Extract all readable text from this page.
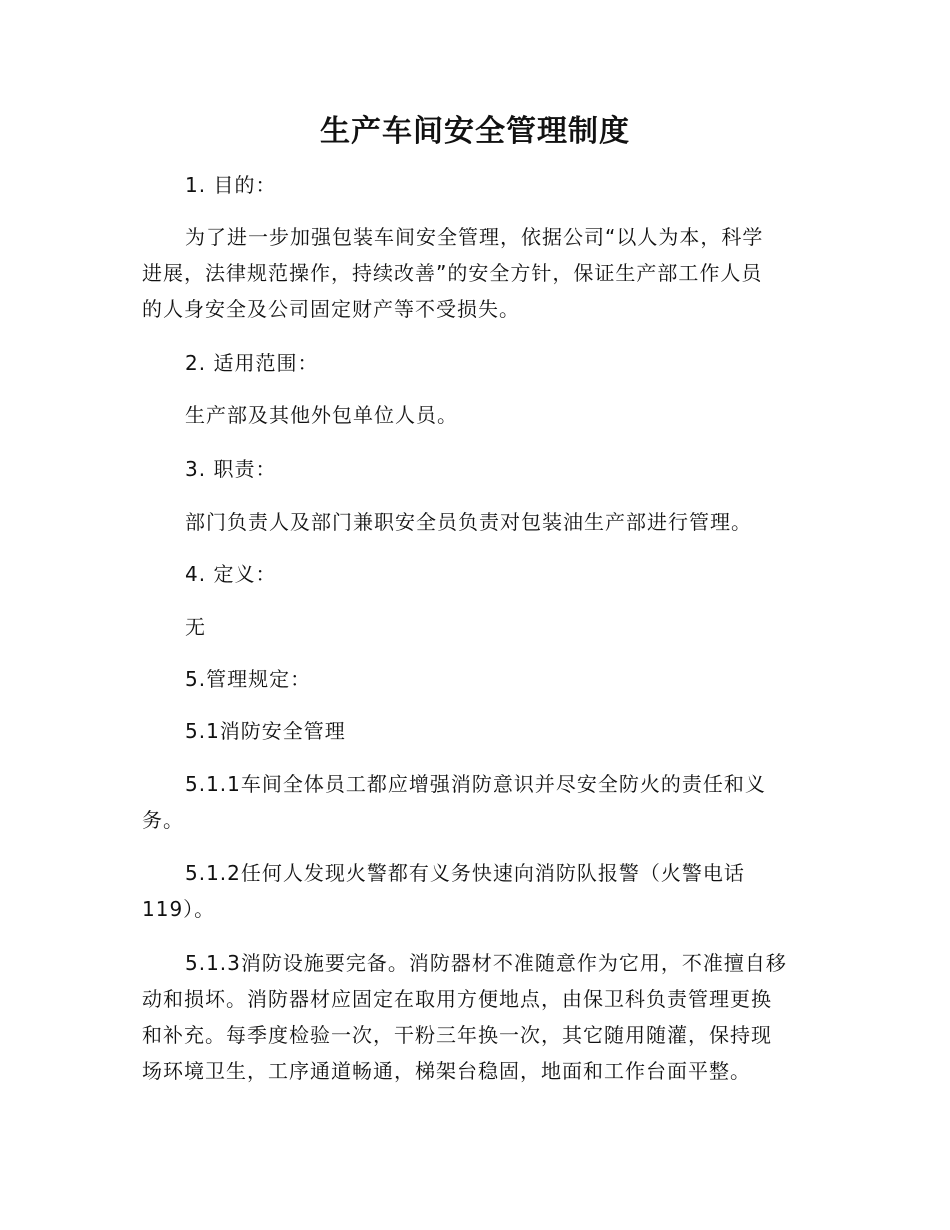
生产车间安全管理制度

1. 目的：

为了进一步加强包装车间安全管理，依据公司“以人为本，科学

进展，法律规范操作，持续改善”的安全方针，保证生产部工作人员

的人身安全及公司固定财产等不受损失。

2. 适用范围：

生产部及其他外包单位人员。

3. 职责：

部门负责人及部门兼职安全员负责对包装油生产部进行管理。

4. 定义：

无

5.管理规定：

5.1消防安全管理

5.1.1车间全体员工都应增强消防意识并尽安全防火的责任和义

务。

5.1.2任何人发现火警都有义务快速向消防队报警（火警电话

119）。

5.1.3消防设施要完备。消防器材不准随意作为它用，不准擅自移

动和损坏。消防器材应固定在取用方便地点，由保卫科负责管理更换

和补充。每季度检验一次，干粉三年换一次，其它随用随灌，保持现

场环境卫生，工序通道畅通，梯架台稳固，地面和工作台面平整。
